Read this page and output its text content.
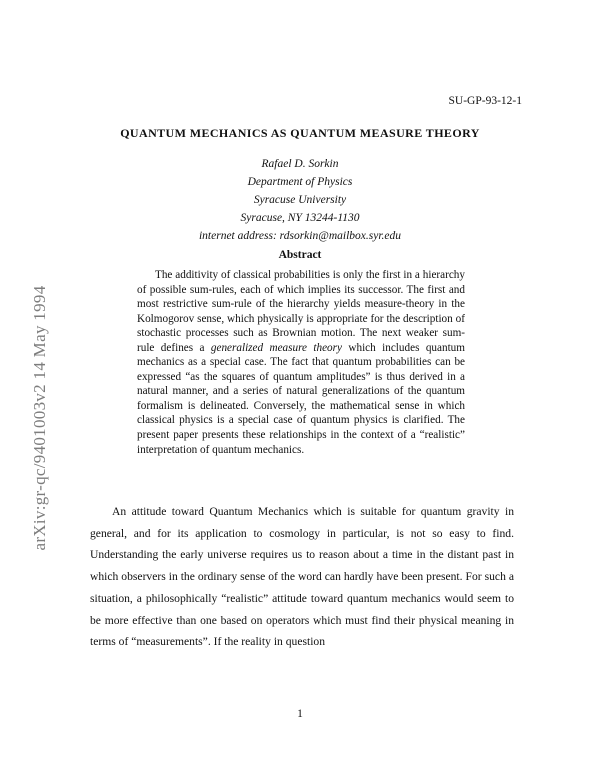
SU-GP-93-12-1
QUANTUM MECHANICS AS QUANTUM MEASURE THEORY
Rafael D. Sorkin
Department of Physics
Syracuse University
Syracuse, NY 13244-1130
internet address: rdsorkin@mailbox.syr.edu
Abstract
The additivity of classical probabilities is only the first in a hierarchy of possible sum-rules, each of which implies its successor. The first and most restrictive sum-rule of the hierarchy yields measure-theory in the Kolmogorov sense, which physically is appropriate for the description of stochastic processes such as Brownian motion. The next weaker sum-rule defines a generalized measure theory which includes quantum mechanics as a special case. The fact that quantum probabilities can be expressed “as the squares of quantum amplitudes” is thus derived in a natural manner, and a series of natural generalizations of the quantum formalism is delineated. Conversely, the mathematical sense in which classical physics is a special case of quantum physics is clarified. The present paper presents these relationships in the context of a “realistic” interpretation of quantum mechanics.
arXiv:gr-qc/9401003v2 14 May 1994	An attitude toward Quantum Mechanics which is suitable for quantum gravity in general, and for its application to cosmology in particular, is not so easy to find. Understanding the early universe requires us to reason about a time in the distant past in which observers in the ordinary sense of the word can hardly have been present. For such a situation, a philosophically “realistic” attitude toward quantum mechanics would seem to be more effective than one based on operators which must find their physical meaning in terms of “measurements”. If the reality in question
1
